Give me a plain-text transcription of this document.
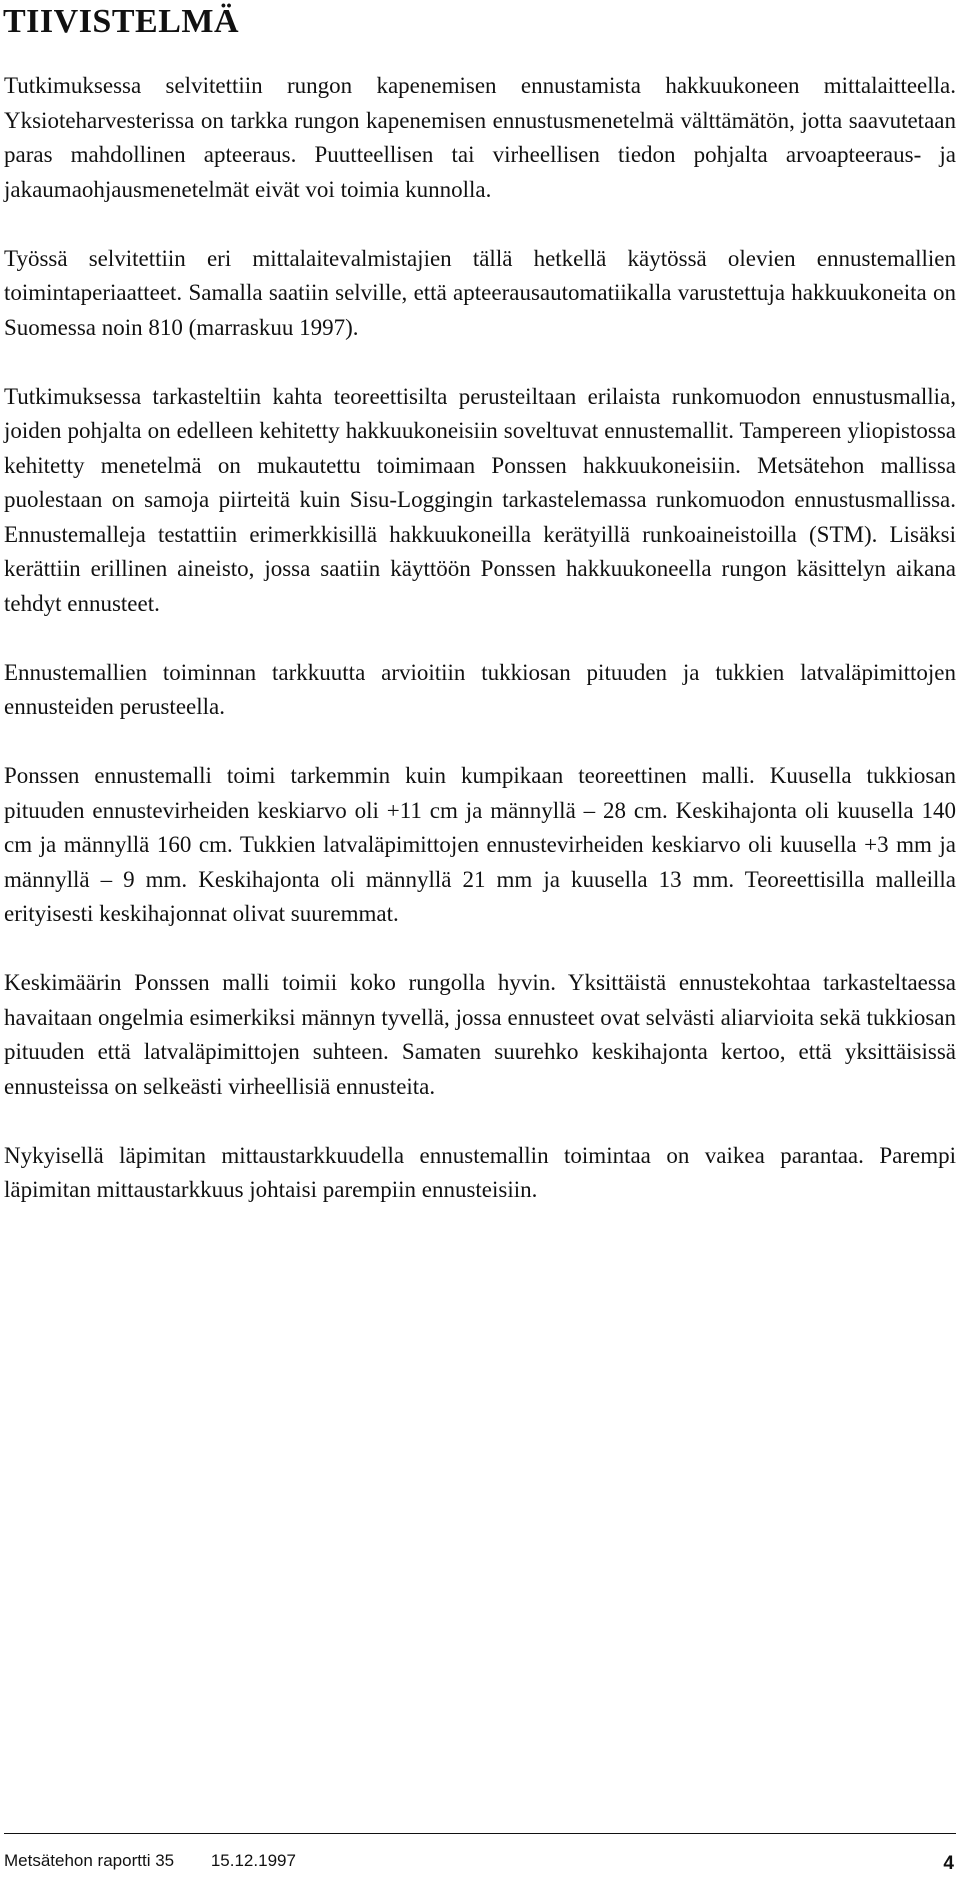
TIIVISTELMÄ

Tutkimuksessa selvitettiin rungon kapenemisen ennustamista hakkuukoneen mittalaitteella. Yksioteharvesterissa on tarkka rungon kapenemisen ennustusmenetelmä välttämätön, jotta saavutetaan paras mahdollinen apteeraus. Puutteellisen tai virheellisen tiedon pohjalta arvoapteeraus- ja jakaumaohjausmenetelmät eivät voi toimia kunnolla.

Työssä selvitettiin eri mittalaitevalmistajien tällä hetkellä käytössä olevien ennustemallien toimintaperiaatteet. Samalla saatiin selville, että apteerausautomatiikalla varustettuja hakkuukoneita on Suomessa noin 810 (marraskuu 1997).

Tutkimuksessa tarkasteltiin kahta teoreettisilta perusteiltaan erilaista runkomuodon ennustusmallia, joiden pohjalta on edelleen kehitetty hakkuukoneisiin soveltuvat ennustemallit. Tampereen yliopistossa kehitetty menetelmä on mukautettu toimimaan Ponssen hakkuukoneisiin. Metsätehon mallissa puolestaan on samoja piirteitä kuin Sisu-Loggingin tarkastelemassa runkomuodon ennustusmallissa. Ennustemalleja testattiin erimerkkisillä hakkuukoneilla kerätyillä runkoaineistoilla (STM). Lisäksi kerättiin erillinen aineisto, jossa saatiin käyttöön Ponssen hakkuukoneella rungon käsittelyn aikana tehdyt ennusteet.

Ennustemallien toiminnan tarkkuutta arvioitiin tukkiosan pituuden ja tukkien latvaläpimittojen ennusteiden perusteella.

Ponssen ennustemalli toimi tarkemmin kuin kumpikaan teoreettinen malli. Kuusella tukkiosan pituuden ennustevirheiden keskiarvo oli +11 cm ja männyllä – 28 cm. Keskihajonta oli kuusella 140 cm ja männyllä 160 cm. Tukkien latvaläpimittojen ennustevirheiden keskiarvo oli kuusella +3 mm ja männyllä – 9 mm. Keskihajonta oli männyllä 21 mm ja kuusella 13 mm. Teoreettisilla malleilla erityisesti keskihajonnat olivat suuremmat.

Keskimäärin Ponssen malli toimii koko rungolla hyvin. Yksittäistä ennustekohtaa tarkasteltaessa havaitaan ongelmia esimerkiksi männyn tyvellä, jossa ennusteet ovat selvästi aliarvioita sekä tukkiosan pituuden että latvaläpimittojen suhteen. Samaten suurehko keskihajonta kertoo, että yksittäisissä ennusteissa on selkeästi virheellisiä ennusteita.

Nykyisellä läpimitan mittaustarkkuudella ennustemallin toimintaa on vaikea parantaa. Parempi läpimitan mittaustarkkuus johtaisi parempiin ennusteisiin.

Metsätehon raportti 35 15.12.1997	4
